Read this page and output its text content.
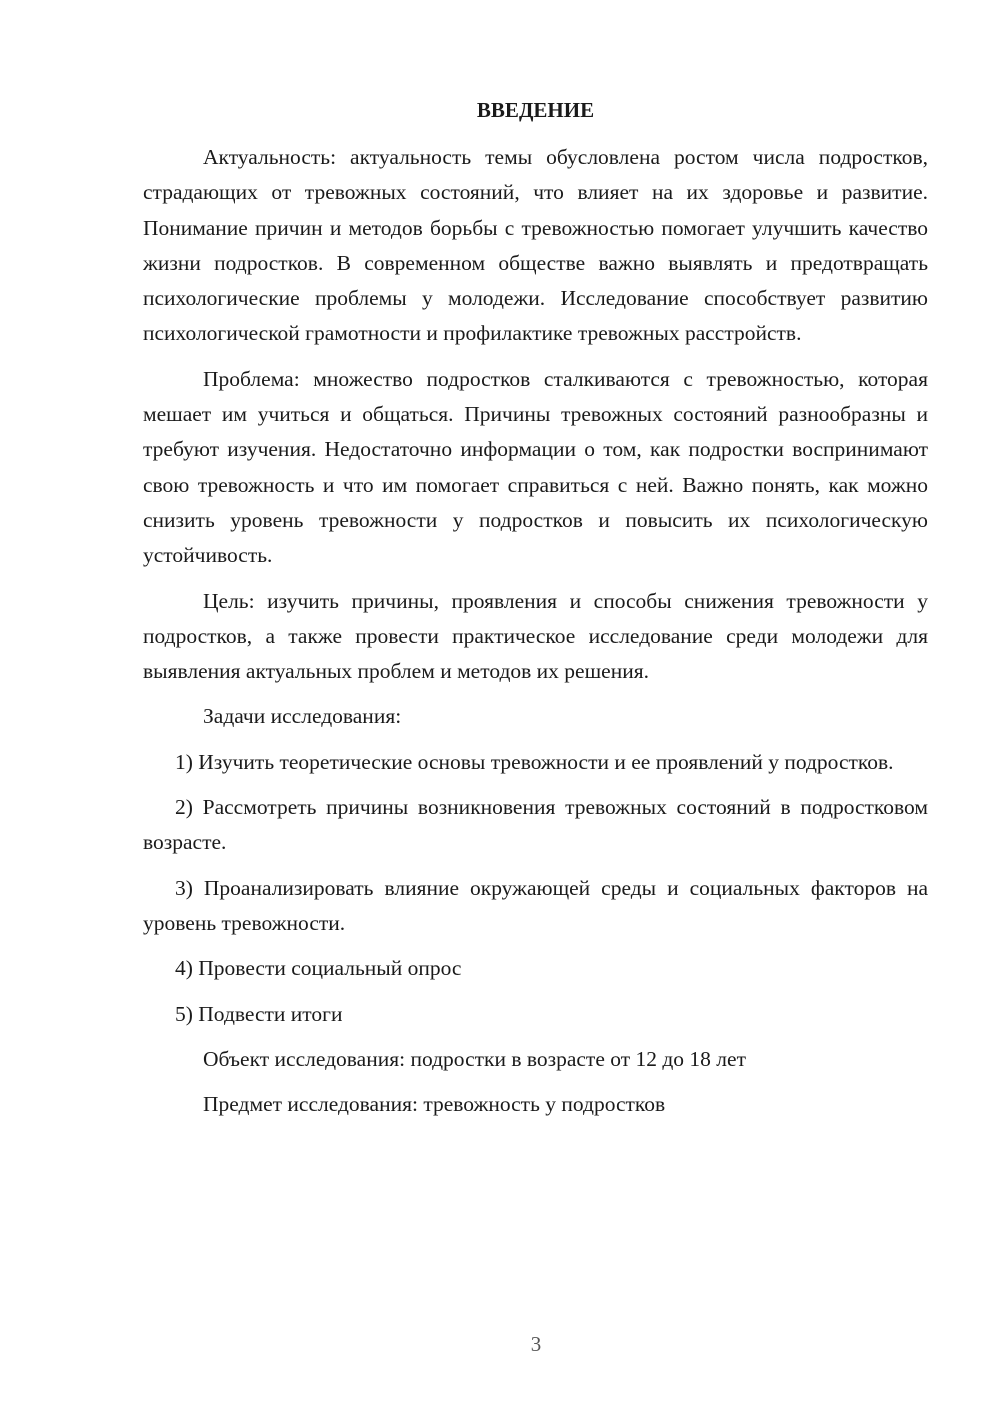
ВВЕДЕНИЕ

Актуальность: актуальность темы обусловлена ростом числа подростков, страдающих от тревожных состояний, что влияет на их здоровье и развитие. Понимание причин и методов борьбы с тревожностью помогает улучшить качество жизни подростков. В современном обществе важно выявлять и предотвращать психологические проблемы у молодежи. Исследование способствует развитию психологической грамотности и профилактике тревожных расстройств.

Проблема: множество подростков сталкиваются с тревожностью, которая мешает им учиться и общаться. Причины тревожных состояний разнообразны и требуют изучения. Недостаточно информации о том, как подростки воспринимают свою тревожность и что им помогает справиться с ней. Важно понять, как можно снизить уровень тревожности у подростков и повысить их психологическую устойчивость.

Цель: изучить причины, проявления и способы снижения тревожности у подростков, а также провести практическое исследование среди молодежи для выявления актуальных проблем и методов их решения.

Задачи исследования:

1) Изучить теоретические основы тревожности и ее проявлений у подростков.

2) Рассмотреть причины возникновения тревожных состояний в подростковом возрасте.

3) Проанализировать влияние окружающей среды и социальных факторов на уровень тревожности.

4) Провести социальный опрос

5) Подвести итоги

Объект исследования: подростки в возрасте от 12 до 18 лет

Предмет исследования: тревожность у подростков

3
